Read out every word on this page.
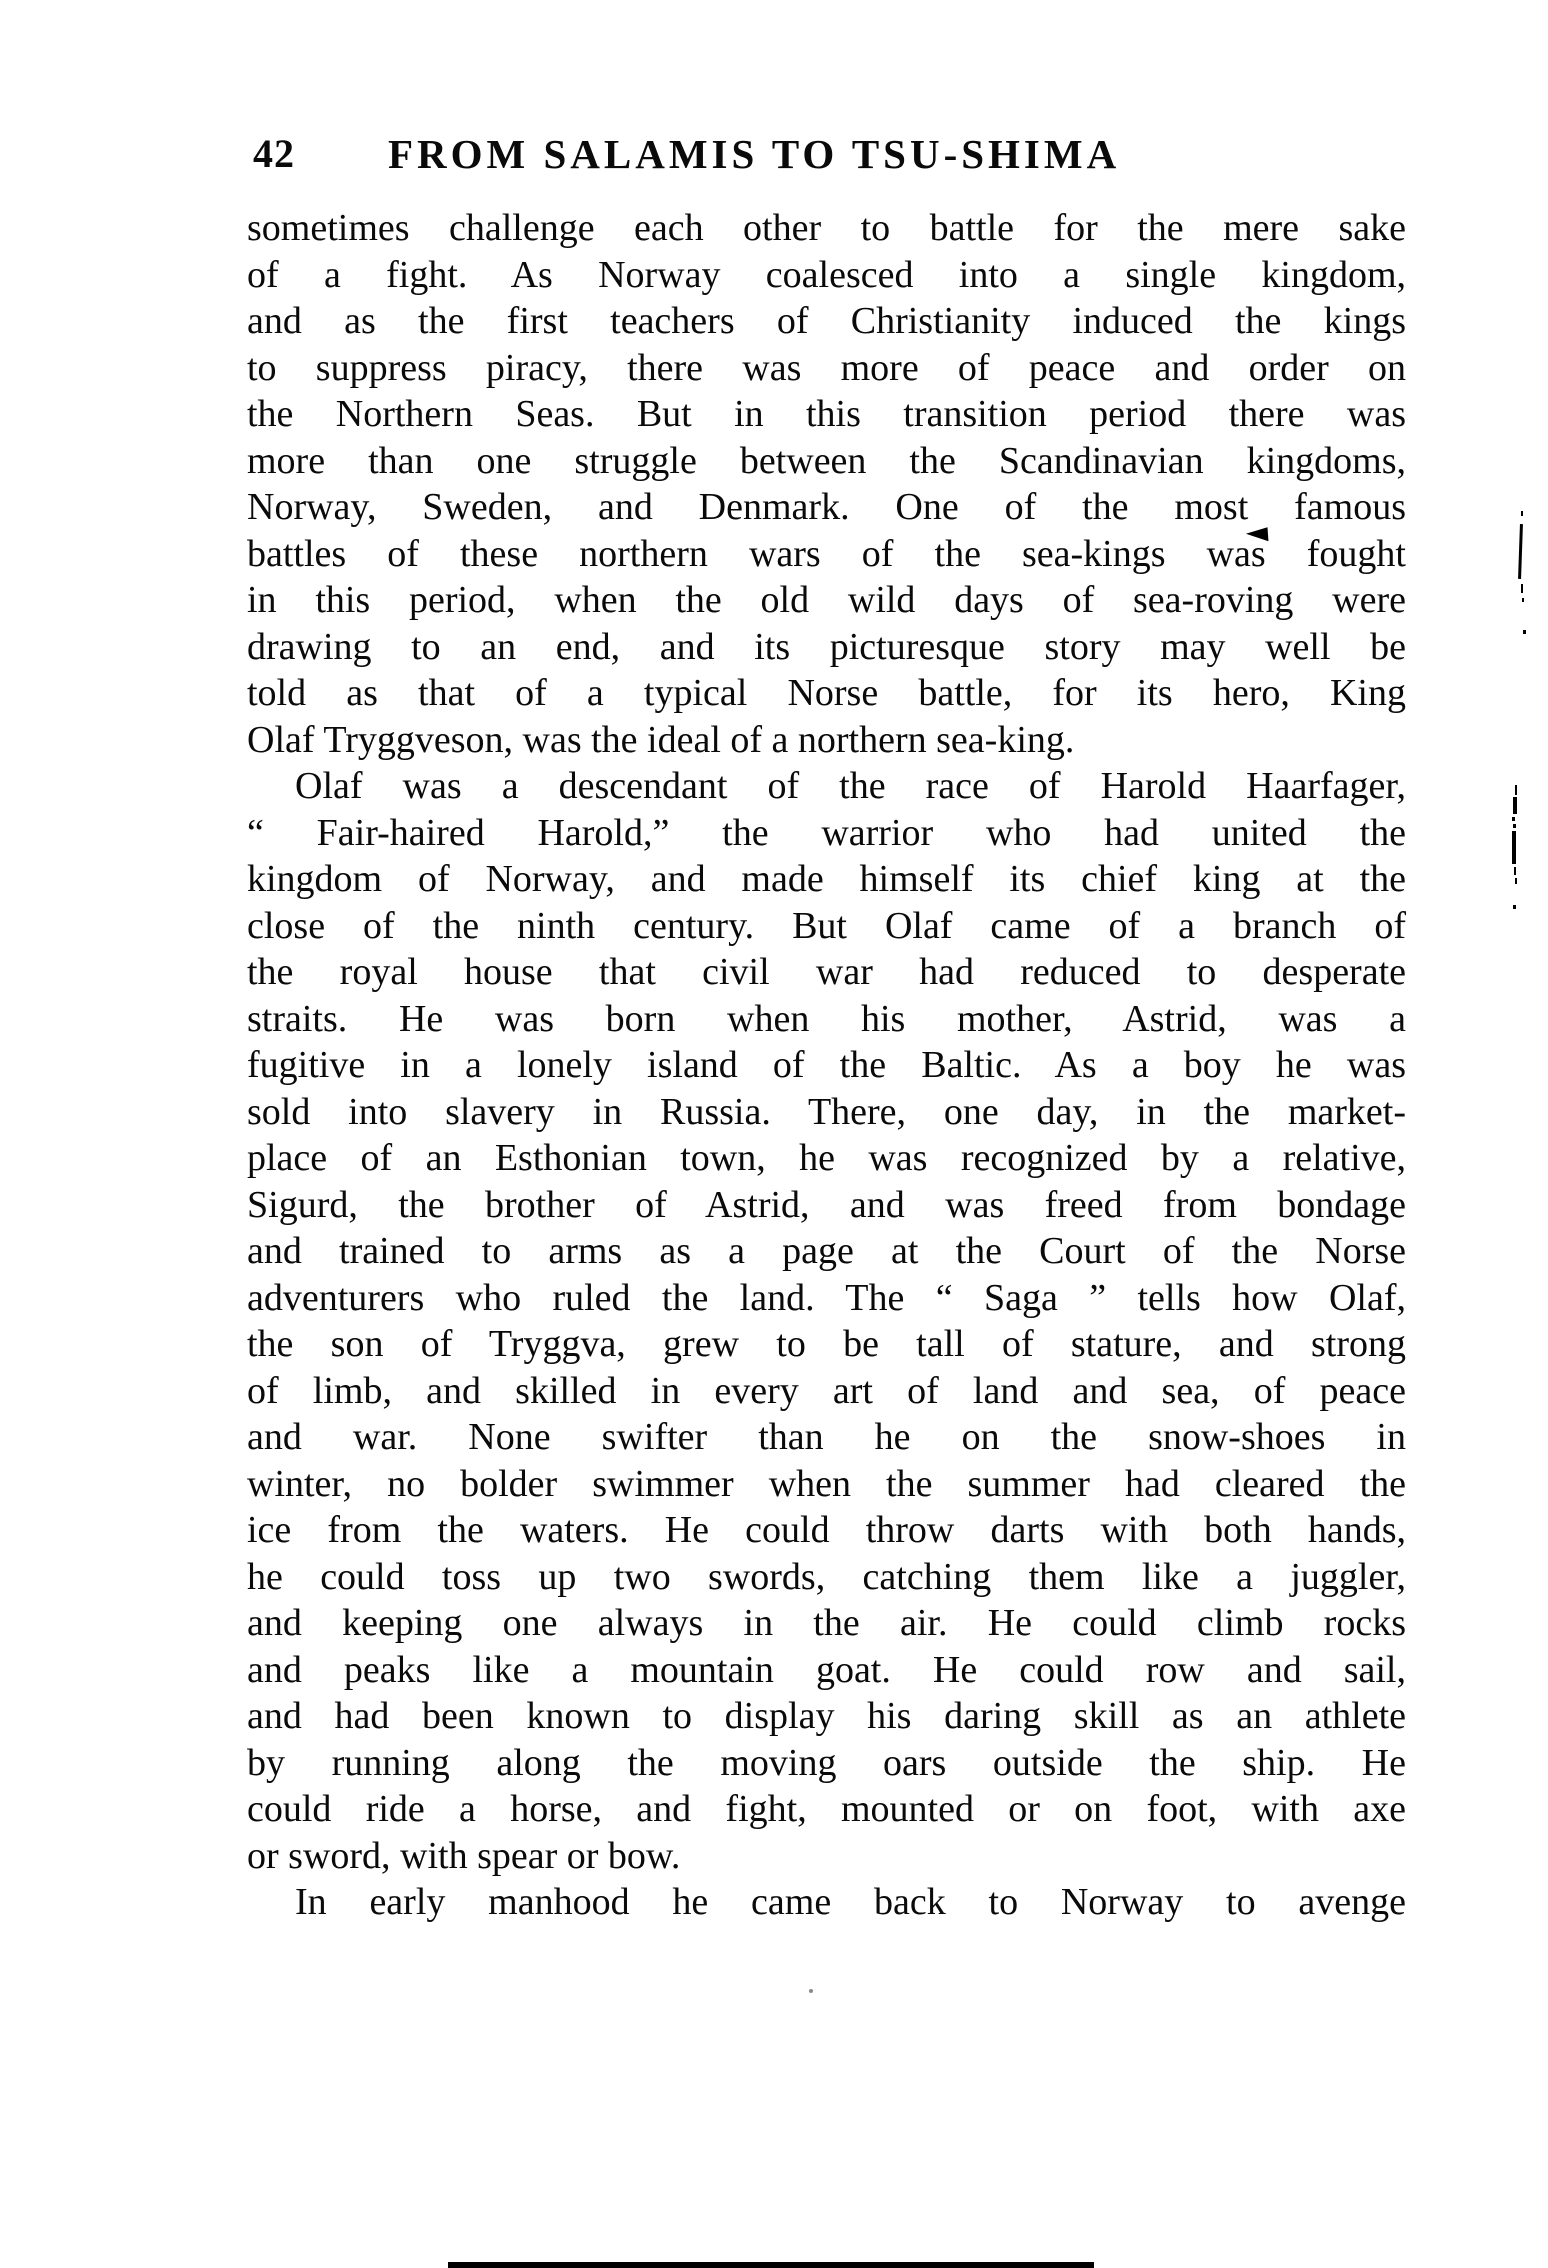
42 FROM SALAMIS TO TSU-SHIMA
sometimes challenge each other to battle for the mere sake
of a fight. As Norway coalesced into a single kingdom,
and as the first teachers of Christianity induced the kings
to suppress piracy, there was more of peace and order on
the Northern Seas. But in this transition period there was
more than one struggle between the Scandinavian kingdoms,
Norway, Sweden, and Denmark. One of the most famous
battles of these northern wars of the sea-kings was fought
in this period, when the old wild days of sea-roving were
drawing to an end, and its picturesque story may well be
told as that of a typical Norse battle, for its hero, King
Olaf Tryggveson, was the ideal of a northern sea-king.
Olaf was a descendant of the race of Harold Haarfager,
“ Fair-haired Harold,” the warrior who had united the
kingdom of Norway, and made himself its chief king at the
close of the ninth century. But Olaf came of a branch of
the royal house that civil war had reduced to desperate
straits. He was born when his mother, Astrid, was a
fugitive in a lonely island of the Baltic. As a boy he was
sold into slavery in Russia. There, one day, in the market-
place of an Esthonian town, he was recognized by a relative,
Sigurd, the brother of Astrid, and was freed from bondage
and trained to arms as a page at the Court of the Norse
adventurers who ruled the land. The “ Saga ” tells how Olaf,
the son of Tryggva, grew to be tall of stature, and strong
of limb, and skilled in every art of land and sea, of peace
and war. None swifter than he on the snow-shoes in
winter, no bolder swimmer when the summer had cleared the
ice from the waters. He could throw darts with both hands,
he could toss up two swords, catching them like a juggler,
and keeping one always in the air. He could climb rocks
and peaks like a mountain goat. He could row and sail,
and had been known to display his daring skill as an athlete
by running along the moving oars outside the ship. He
could ride a horse, and fight, mounted or on foot, with axe
or sword, with spear or bow.
In early manhood he came back to Norway to avenge
